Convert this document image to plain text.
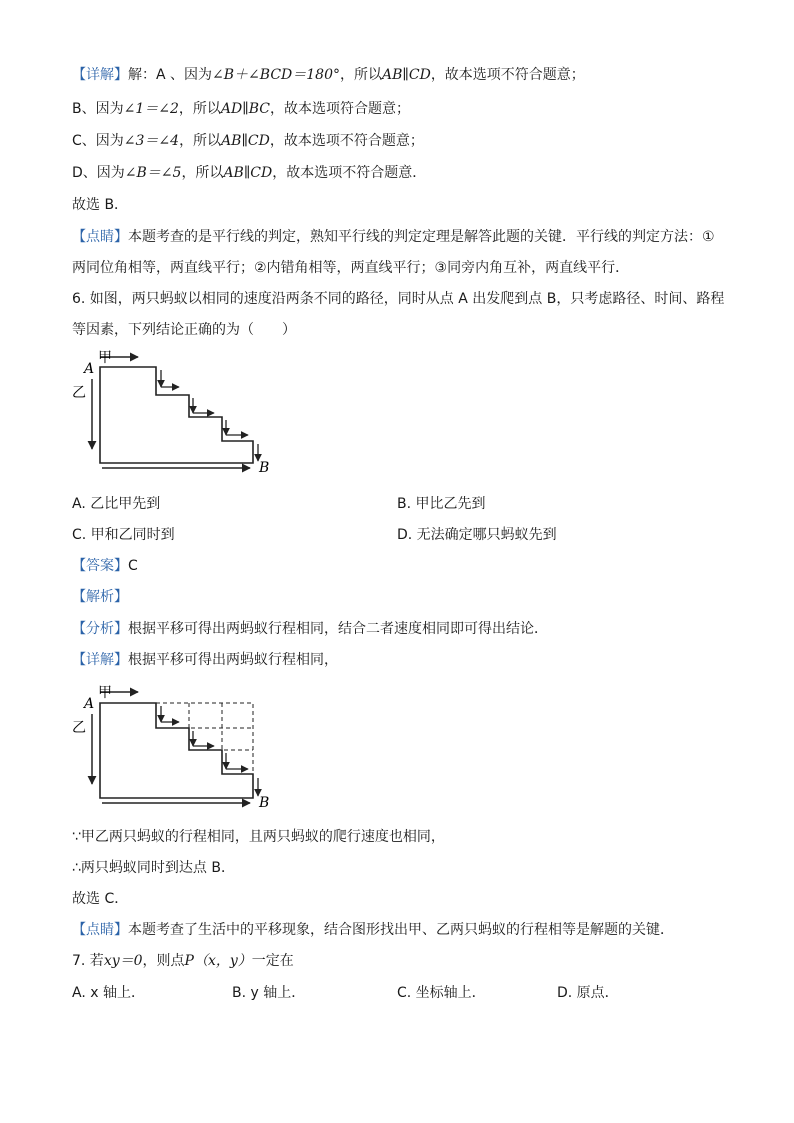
【详解】解：A 、因为∠B＋∠BCD＝180°，所以AB∥CD，故本选项不符合题意；
B、因为∠1＝∠2，所以AD∥BC，故本选项符合题意；
C、因为∠3＝∠4，所以AB∥CD，故本选项不符合题意；
D、因为∠B＝∠5，所以AB∥CD，故本选项不符合题意．
故选 B．
【点睛】本题考查的是平行线的判定，熟知平行线的判定定理是解答此题的关键．平行线的判定方法：①
两同位角相等，两直线平行；②内错角相等，两直线平行；③同旁内角互补，两直线平行．
6. 如图，两只蚂蚁以相同的速度沿两条不同的路径，同时从点 A 出发爬到点 B，只考虑路径、时间、路程
等因素，下列结论正确的为（　　）
甲
乙
A
B
A. 乙比甲先到	B. 甲比乙先到
C. 甲和乙同时到	D. 无法确定哪只蚂蚁先到
【答案】C
【解析】
【分析】根据平移可得出两蚂蚁行程相同，结合二者速度相同即可得出结论．
【详解】根据平移可得出两蚂蚁行程相同，
甲
乙
A
B
∵甲乙两只蚂蚁的行程相同，且两只蚂蚁的爬行速度也相同，
∴两只蚂蚁同时到达点 B．
故选 C．
【点睛】本题考查了生活中的平移现象，结合图形找出甲、乙两只蚂蚁的行程相等是解题的关键．
7. 若xy＝0，则点P（x，y）一定在
A. x 轴上．	B. y 轴上．	C. 坐标轴上．	D. 原点．
